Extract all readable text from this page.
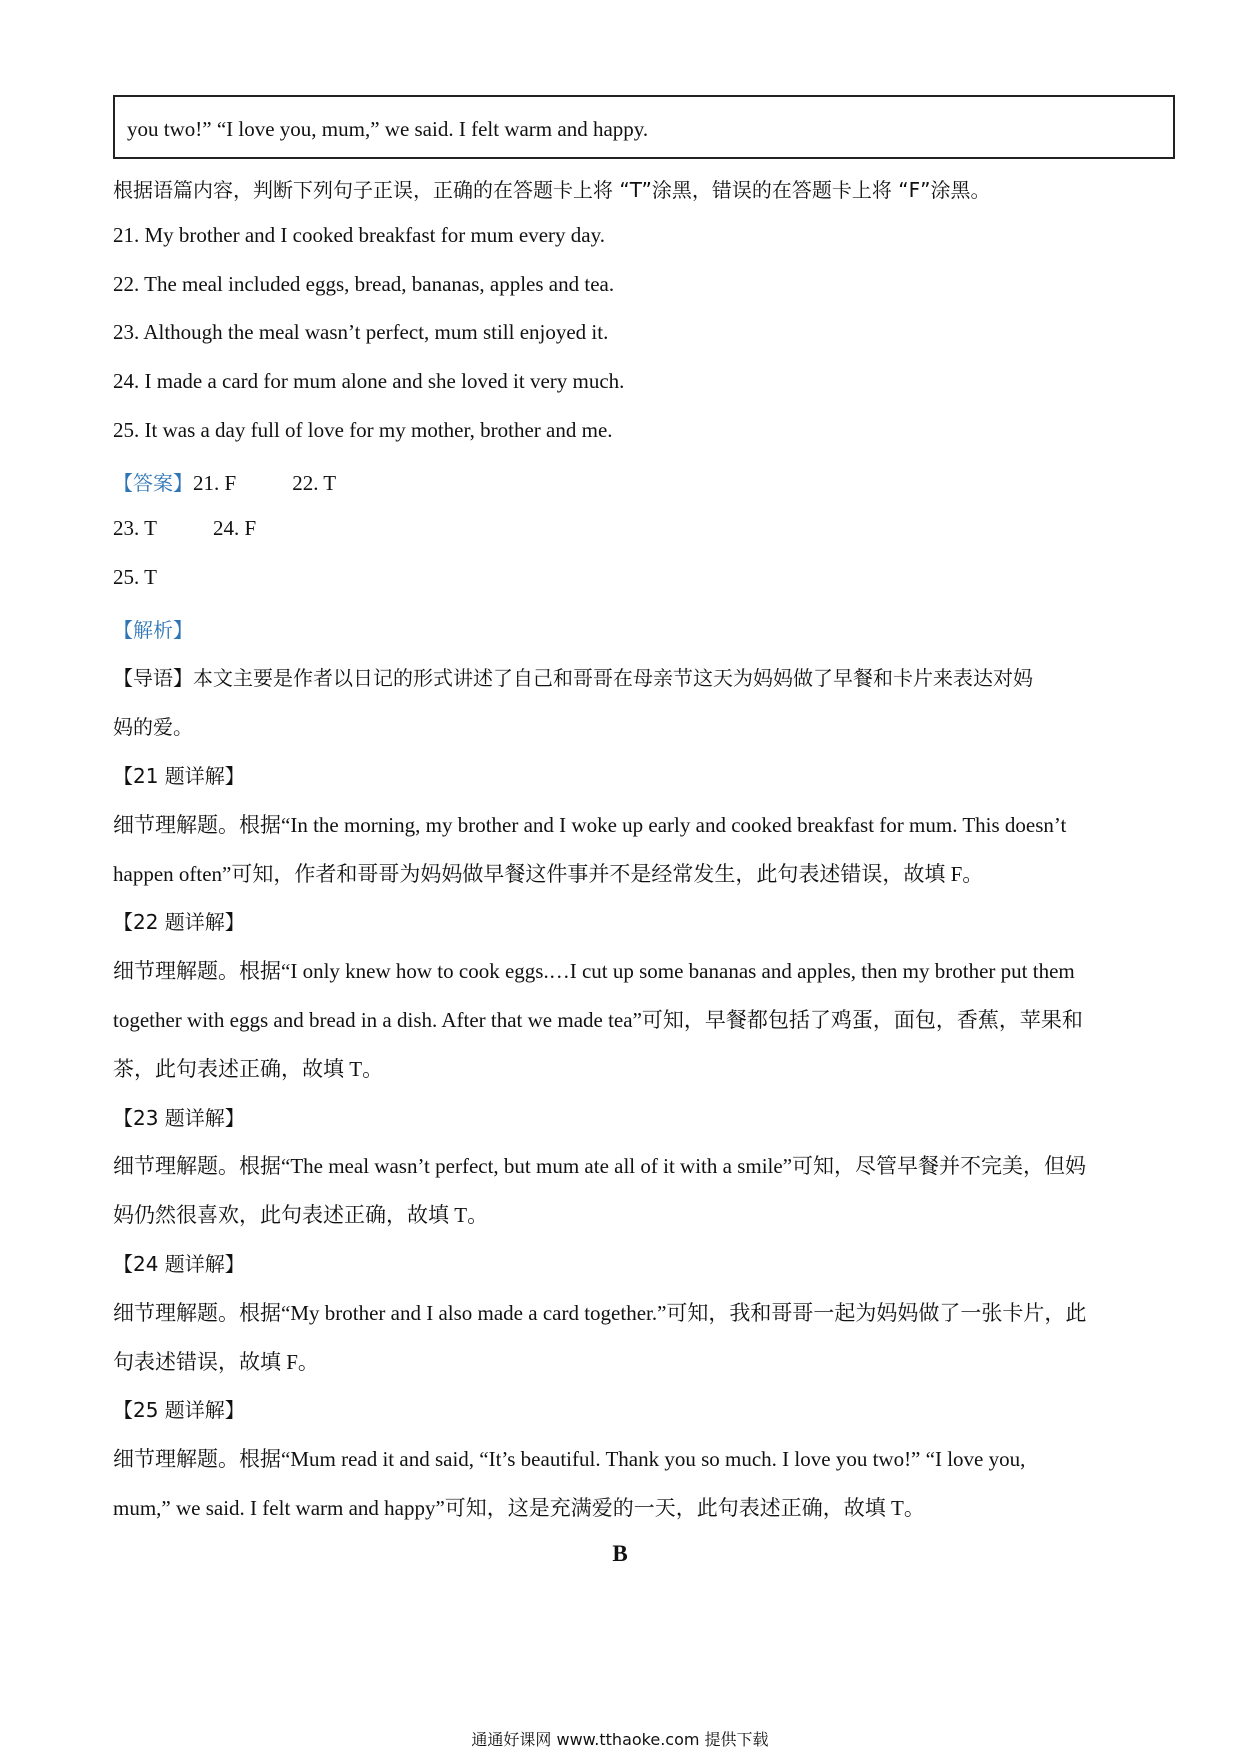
you two!” “I love you, mum,” we said. I felt warm and happy.
根据语篇内容，判断下列句子正误，正确的在答题卡上将 “T”涂黑，错误的在答题卡上将 “F”涂黑。
21. My brother and I cooked breakfast for mum every day.
22. The meal included eggs, bread, bananas, apples and tea.
23. Although the meal wasn’t perfect, mum still enjoyed it.
24. I made a card for mum alone and she loved it very much.
25. It was a day full of love for my mother, brother and me.
【答案】21. F	22. T
23. T	24. F
25. T
【解析】
【导语】本文主要是作者以日记的形式讲述了自己和哥哥在母亲节这天为妈妈做了早餐和卡片来表达对妈
妈的爱。
【21 题详解】
细节理解题。根据“In the morning, my brother and I woke up early and cooked breakfast for mum. This doesn’t
happen often”可知，作者和哥哥为妈妈做早餐这件事并不是经常发生，此句表述错误，故填 F。
【22 题详解】
细节理解题。根据“I only knew how to cook eggs.…I cut up some bananas and apples, then my brother put them
together with eggs and bread in a dish. After that we made tea”可知，早餐都包括了鸡蛋，面包，香蕉，苹果和
茶，此句表述正确，故填 T。
【23 题详解】
细节理解题。根据“The meal wasn’t perfect, but mum ate all of it with a smile”可知，尽管早餐并不完美，但妈
妈仍然很喜欢，此句表述正确，故填 T。
【24 题详解】
细节理解题。根据“My brother and I also made a card together.”可知，我和哥哥一起为妈妈做了一张卡片，此
句表述错误，故填 F。
【25 题详解】
细节理解题。根据“Mum read it and said, “It’s beautiful. Thank you so much. I love you two!” “I love you,
mum,” we said. I felt warm and happy”可知，这是充满爱的一天，此句表述正确，故填 T。
B
通通好课网 www.tthaoke.com 提供下载
